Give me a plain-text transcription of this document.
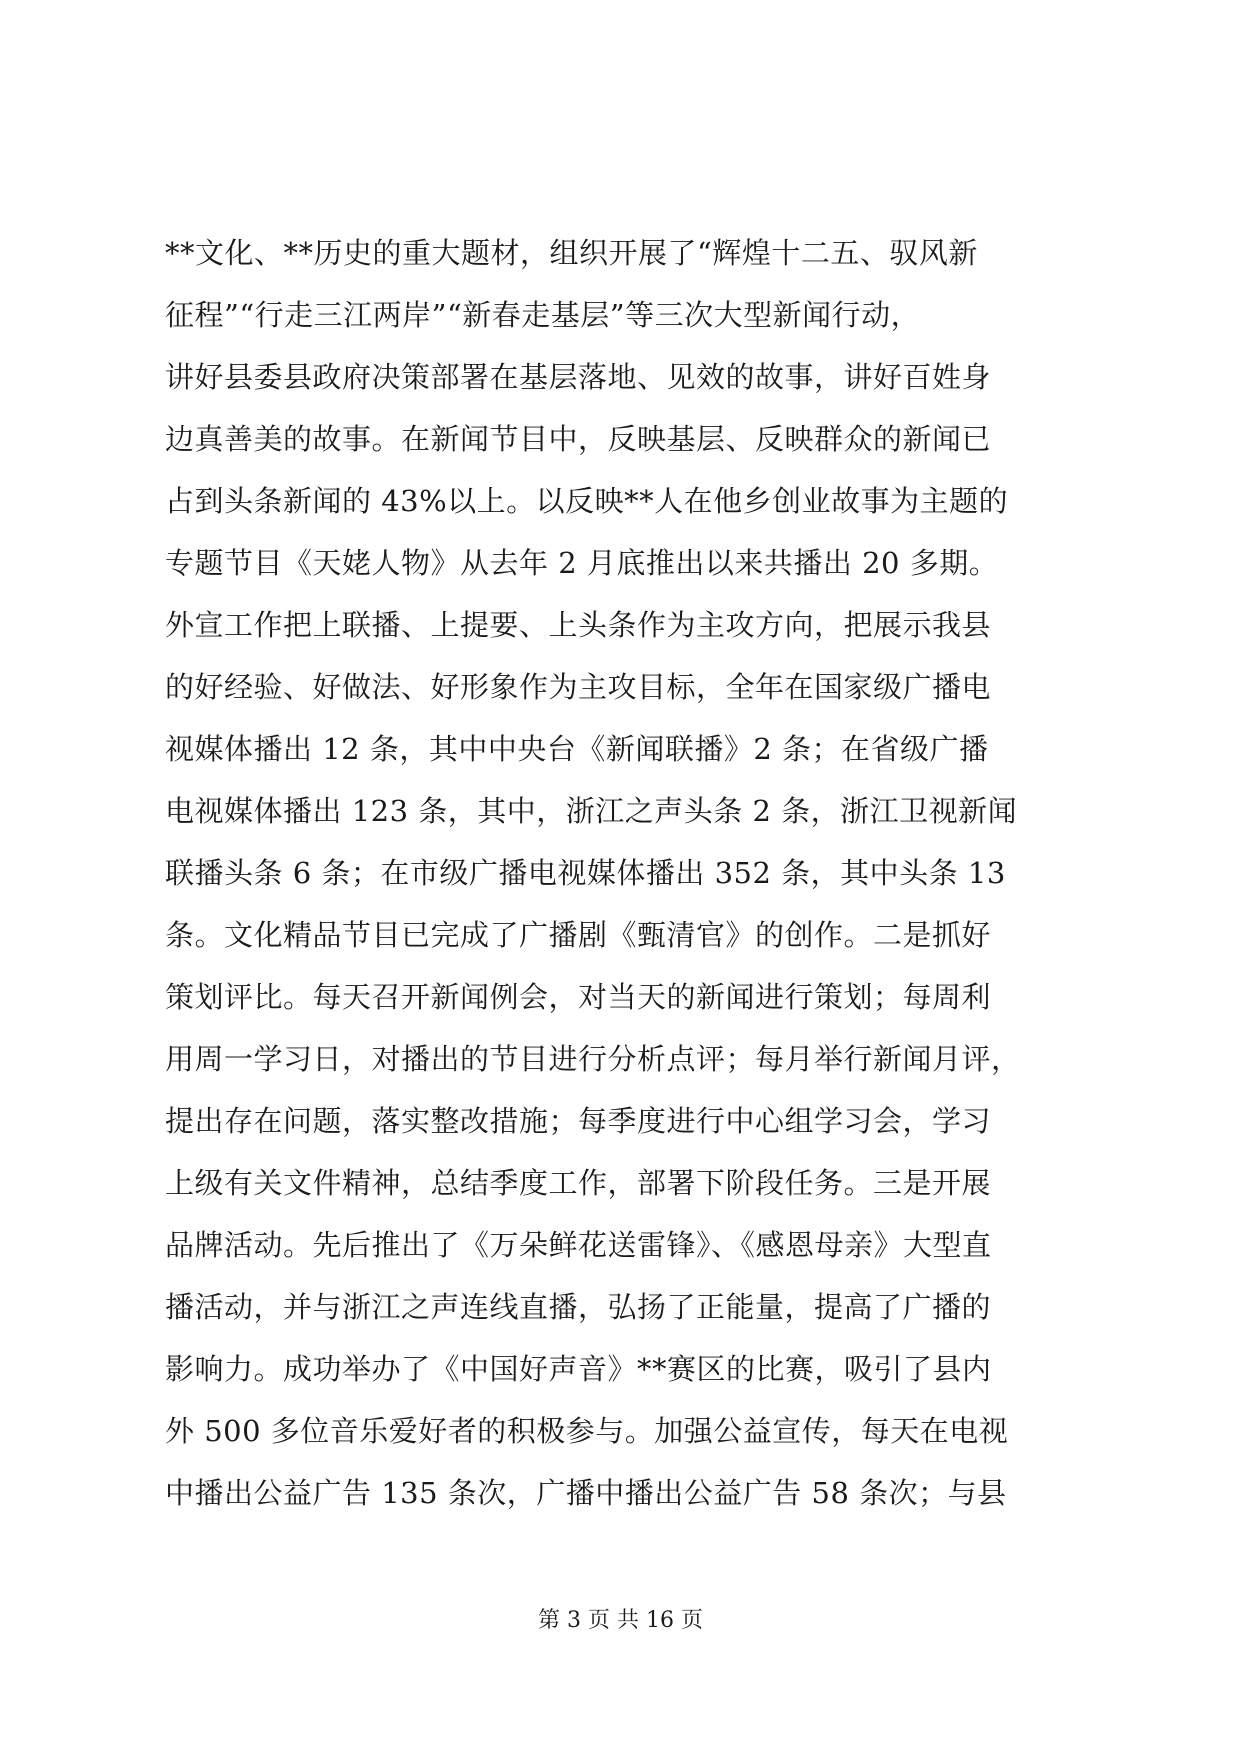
**文化、**历史的重大题材，组织开展了“辉煌十二五、驭风新
征程”“行走三江两岸”“新春走基层”等三次大型新闻行动，
讲好县委县政府决策部署在基层落地、见效的故事，讲好百姓身
边真善美的故事。在新闻节目中，反映基层、反映群众的新闻已
占到头条新闻的 43%以上。以反映**人在他乡创业故事为主题的
专题节目《天姥人物》从去年 2 月底推出以来共播出 20 多期。
外宣工作把上联播、上提要、上头条作为主攻方向，把展示我县
的好经验、好做法、好形象作为主攻目标，全年在国家级广播电
视媒体播出 12 条，其中中央台《新闻联播》2 条；在省级广播
电视媒体播出 123 条，其中，浙江之声头条 2 条，浙江卫视新闻
联播头条 6 条；在市级广播电视媒体播出 352 条，其中头条 13
条。文化精品节目已完成了广播剧《甄清官》的创作。二是抓好
策划评比。每天召开新闻例会，对当天的新闻进行策划；每周利
用周一学习日，对播出的节目进行分析点评；每月举行新闻月评，
提出存在问题，落实整改措施；每季度进行中心组学习会，学习
上级有关文件精神，总结季度工作，部署下阶段任务。三是开展
品牌活动。先后推出了《万朵鲜花送雷锋》、《感恩母亲》大型直
播活动，并与浙江之声连线直播，弘扬了正能量，提高了广播的
影响力。成功举办了《中国好声音》**赛区的比赛，吸引了县内
外 500 多位音乐爱好者的积极参与。加强公益宣传，每天在电视
中播出公益广告 135 条次，广播中播出公益广告 58 条次；与县
第 3 页 共 16 页
